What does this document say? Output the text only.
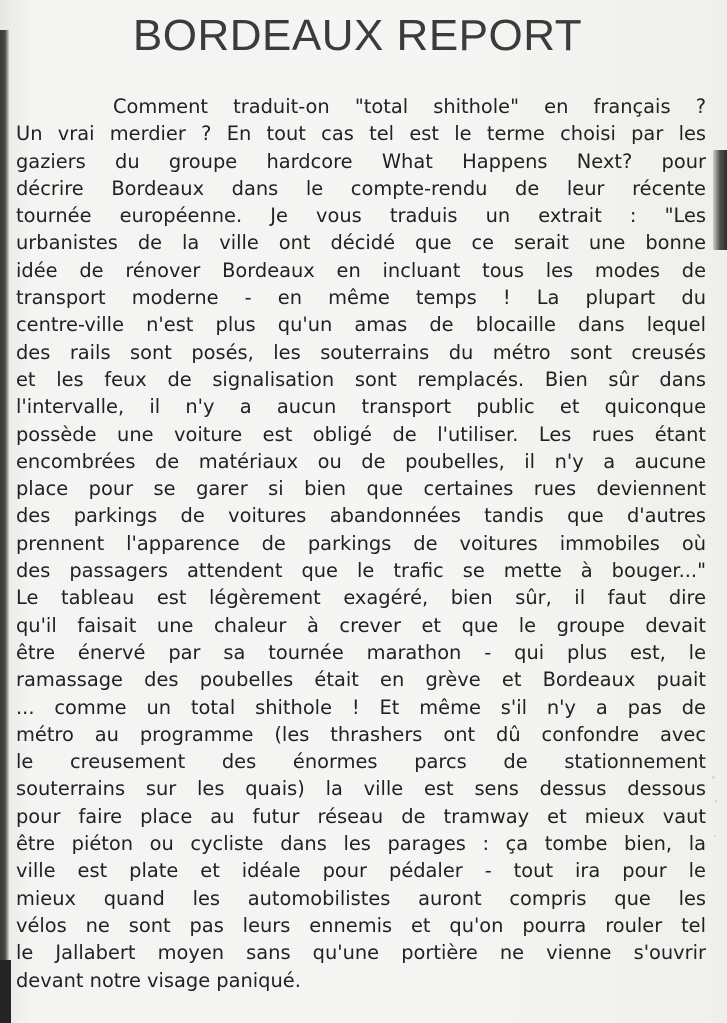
BORDEAUX REPORT
Comment traduit-on "total shithole" en français ?
Un vrai merdier ? En tout cas tel est le terme choisi par les
gaziers du groupe hardcore What Happens Next? pour
décrire Bordeaux dans le compte-rendu de leur récente
tournée européenne. Je vous traduis un extrait : "Les
urbanistes de la ville ont décidé que ce serait une bonne
idée de rénover Bordeaux en incluant tous les modes de
transport moderne - en même temps ! La plupart du
centre-ville n'est plus qu'un amas de blocaille dans lequel
des rails sont posés, les souterrains du métro sont creusés
et les feux de signalisation sont remplacés. Bien sûr dans
l'intervalle, il n'y a aucun transport public et quiconque
possède une voiture est obligé de l'utiliser. Les rues étant
encombrées de matériaux ou de poubelles, il n'y a aucune
place pour se garer si bien que certaines rues deviennent
des parkings de voitures abandonnées tandis que d'autres
prennent l'apparence de parkings de voitures immobiles où
des passagers attendent que le trafic se mette à bouger..."
Le tableau est légèrement exagéré, bien sûr, il faut dire
qu'il faisait une chaleur à crever et que le groupe devait
être énervé par sa tournée marathon - qui plus est, le
ramassage des poubelles était en grève et Bordeaux puait
... comme un total shithole ! Et même s'il n'y a pas de
métro au programme (les thrashers ont dû confondre avec
le creusement des énormes parcs de stationnement
souterrains sur les quais) la ville est sens dessus dessous
pour faire place au futur réseau de tramway et mieux vaut
être piéton ou cycliste dans les parages : ça tombe bien, la
ville est plate et idéale pour pédaler - tout ira pour le
mieux quand les automobilistes auront compris que les
vélos ne sont pas leurs ennemis et qu'on pourra rouler tel
le Jallabert moyen sans qu'une portière ne vienne s'ouvrir
devant notre visage paniqué.
